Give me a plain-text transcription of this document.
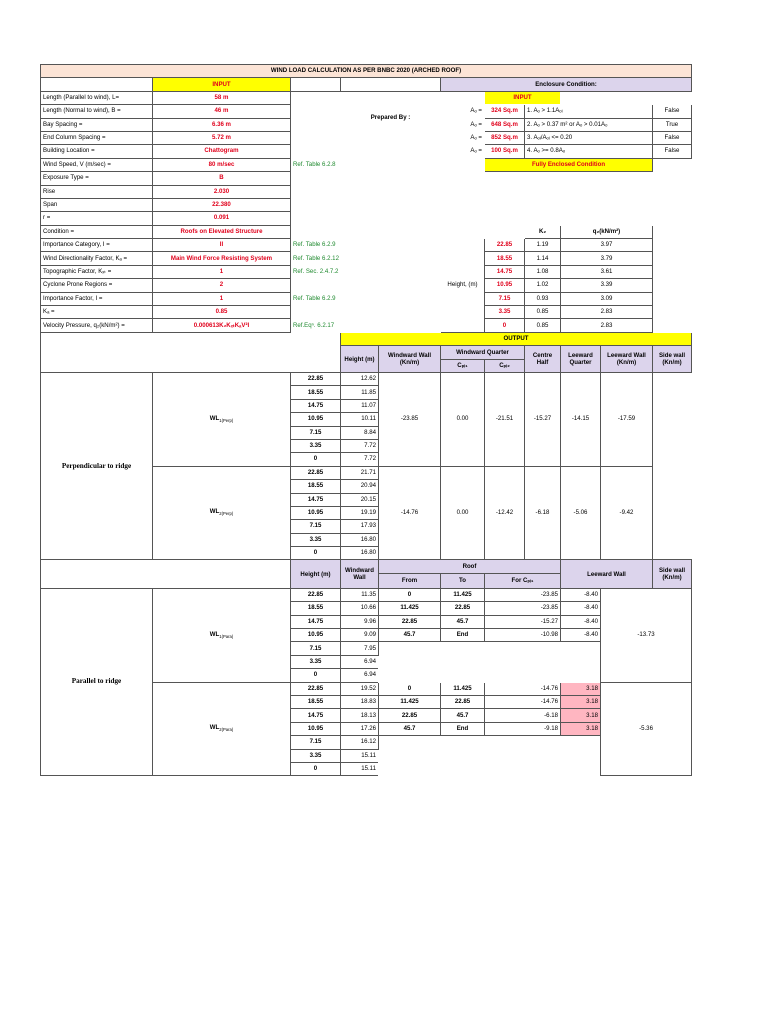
WIND LOAD CALCULATION AS PER BNBC 2020 (ARCHED ROOF)											
	INPUT				Enclosure Condition:						
Length (Parallel to wind), L=	58 m		Prepared By :			INPUT					
Length (Normal to wind), B =	46 m				Aₒ =	324 Sq.m	1. Aₒ > 1.1Aₒᵢ			False	
Bay Spacing =	6.36 m				Aₒ =	648 Sq.m	2. Aₒ > 0.37 m² or Aₒ > 0.01Aₒ			True	
End Column Spacing =	5.72 m				Aₒ =	852 Sq.m	3. Aₒᵢ/Aₒᵢ <= 0.20			False	
Building Location =	Chattogram				Aₒ =	100 Sq.m	4. Aₒ >= 0.8Aₒ			False	
Wind Speed, V (m/sec) =	80 m/sec	Ref. Table 6.2.8				Fully Enclosed Condition					
Exposure Type =	B										
Rise	2.030										
Span	22.380										
r =	0.091										
Condition =	Roofs on Elevated Structure						K₂	q₂(kN/m²)			
Importance Category, I =	II	Ref. Table 6.2.9			Height, (m)	22.85	1.19	3.97			
Wind Directionality Factor, Kₐ =	Main Wind Force Resisting System	Ref. Table 6.2.12				18.55	1.14	3.79			
Topographic Factor, Kₓₜ =	1	Ref. Sec. 2.4.7.2				14.75	1.08	3.61			
Cyclone Prone Regions =	2					10.95	1.02	3.39			
Importance Factor, I =	1	Ref. Table 6.2.9				7.15	0.93	3.09			
Kₐ =	0.85					3.35	0.85	2.83			
Velocity Pressure, q₂(kN/m²) =	0.000613K₂KₓₜKₐV²I	Ref.Eqⁿ. 6.2.17				0	0.85	2.83			
			OUTPUT								
			Height (m)	Windward Wall (Kn/m)	Windward Quarter		Centre Half	Leeward Quarter	Leeward Wall (Kn/m)	Side wall (Kn/m)	
					Cₚᵢ₁	Cₚᵢ₂					
Perpendicular to ridge	$WL_{1(Perp)}$	22.85	12.62	-23.85	0.00	-21.51	-15.27	-14.15	-17.59		
		18.55	11.85								
		14.75	11.07								
		10.95	10.11								
		7.15	8.84								
		3.35	7.72								
		0	7.72								
	$WL_{2(Perp)}$	22.85	21.71	-14.76	0.00	-12.42	-6.18	-5.06	-9.42		
		18.55	20.94								
		14.75	20.15								
		10.95	19.19								
		7.15	17.93								
		3.35	16.80								
		0	16.80								
		Height (m)	Windward Wall	Roof				Leeward Wall		Side wall (Kn/m)	
				From	To	For Cₚᵢ₁	
Parallel to ridge	$WL_{1(Para)}$	22.85	11.35	0	11.425	-23.85		-8.40	-13.73	
		18.55	10.66	11.425	22.85	-23.85		-8.40			
		14.75	9.96	22.85	45.7	-15.27		-8.40			
		10.95	9.09	45.7	End	-10.98		-8.40			
		7.15	7.95								
		3.35	6.94								
		0	6.94								
	$WL_{2(Para)}$	22.85	19.52	0	11.425	-14.76		3.18	-5.36	
		18.55	18.83	11.425	22.85	-14.76		3.18			
		14.75	18.13	22.85	45.7	-6.18		3.18			
		10.95	17.26	45.7	End	-9.18		3.18			
		7.15	16.12								
		3.35	15.11								
		0	15.11								
